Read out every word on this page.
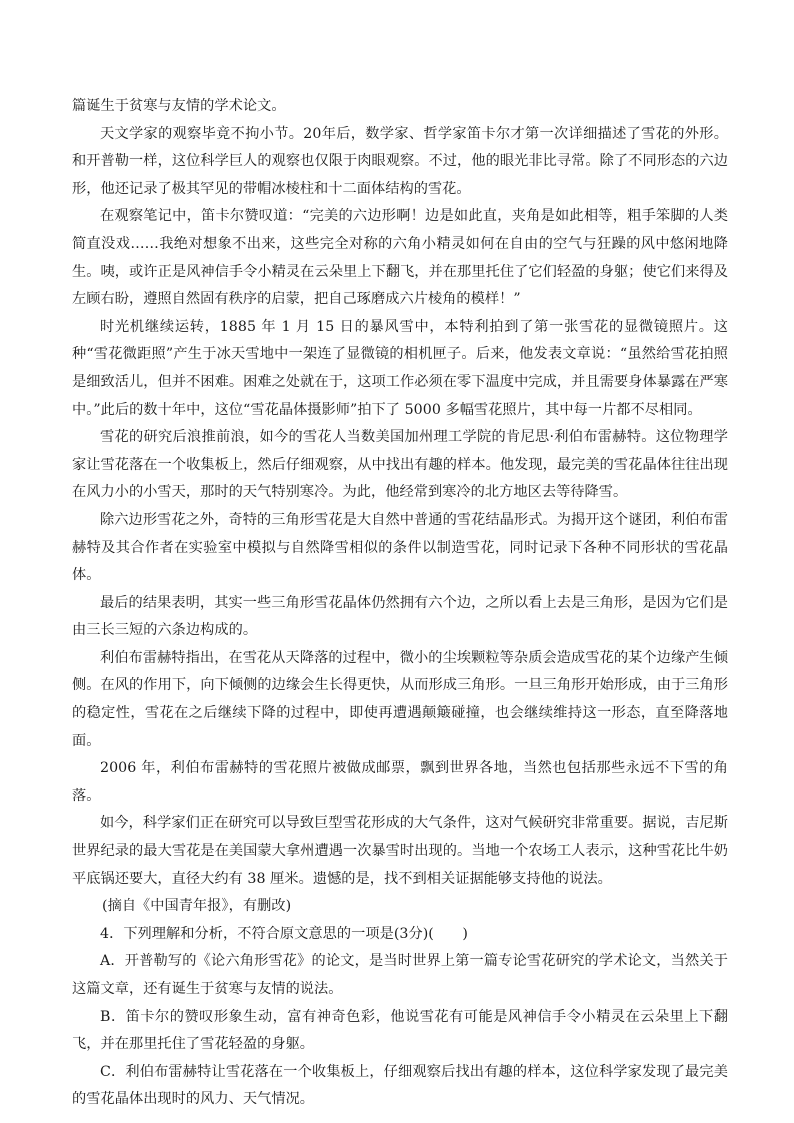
篇诞生于贫寒与友情的学术论文。

天文学家的观察毕竟不拘小节。20年后，数学家、哲学家笛卡尔才第一次详细描述了雪花的外形。和开普勒一样，这位科学巨人的观察也仅限于肉眼观察。不过，他的眼光非比寻常。除了不同形态的六边形，他还记录了极其罕见的带帽冰棱柱和十二面体结构的雪花。

在观察笔记中，笛卡尔赞叹道：“完美的六边形啊！边是如此直，夹角是如此相等，粗手笨脚的人类简直没戏……我绝对想象不出来，这些完全对称的六角小精灵如何在自由的空气与狂躁的风中悠闲地降生。咦，或许正是风神信手令小精灵在云朵里上下翻飞，并在那里托住了它们轻盈的身躯；使它们来得及左顾右盼，遵照自然固有秩序的启蒙，把自己琢磨成六片棱角的模样！”

时光机继续运转，1885 年 1 月 15 日的暴风雪中，本特利拍到了第一张雪花的显微镜照片。这种“雪花微距照”产生于冰天雪地中一架连了显微镜的相机匣子。后来，他发表文章说：“虽然给雪花拍照是细致活儿，但并不困难。困难之处就在于，这项工作必须在零下温度中完成，并且需要身体暴露在严寒中。”此后的数十年中，这位“雪花晶体摄影师”拍下了 5000 多幅雪花照片，其中每一片都不尽相同。

雪花的研究后浪推前浪，如今的雪花人当数美国加州理工学院的肯尼思·利伯布雷赫特。这位物理学家让雪花落在一个收集板上，然后仔细观察，从中找出有趣的样本。他发现，最完美的雪花晶体往往出现在风力小的小雪天，那时的天气特别寒冷。为此，他经常到寒冷的北方地区去等待降雪。

除六边形雪花之外，奇特的三角形雪花是大自然中普通的雪花结晶形式。为揭开这个谜团，利伯布雷赫特及其合作者在实验室中模拟与自然降雪相似的条件以制造雪花，同时记录下各种不同形状的雪花晶体。

最后的结果表明，其实一些三角形雪花晶体仍然拥有六个边，之所以看上去是三角形，是因为它们是由三长三短的六条边构成的。

利伯布雷赫特指出，在雪花从天降落的过程中，微小的尘埃颗粒等杂质会造成雪花的某个边缘产生倾侧。在风的作用下，向下倾侧的边缘会生长得更快，从而形成三角形。一旦三角形开始形成，由于三角形的稳定性，雪花在之后继续下降的过程中，即使再遭遇颠簸碰撞，也会继续维持这一形态，直至降落地面。

2006 年，利伯布雷赫特的雪花照片被做成邮票，飘到世界各地，当然也包括那些永远不下雪的角落。

如今，科学家们正在研究可以导致巨型雪花形成的大气条件，这对气候研究非常重要。据说，吉尼斯世界纪录的最大雪花是在美国蒙大拿州遭遇一次暴雪时出现的。当地一个农场工人表示，这种雪花比牛奶平底锅还要大，直径大约有 38 厘米。遗憾的是，找不到相关证据能够支持他的说法。

(摘自《中国青年报》，有删改)

4．下列理解和分析，不符合原文意思的一项是(3分)(　　)

A．开普勒写的《论六角形雪花》的论文，是当时世界上第一篇专论雪花研究的学术论文，当然关于这篇文章，还有诞生于贫寒与友情的说法。

B．笛卡尔的赞叹形象生动，富有神奇色彩，他说雪花有可能是风神信手令小精灵在云朵里上下翻飞，并在那里托住了雪花轻盈的身躯。

C．利伯布雷赫特让雪花落在一个收集板上，仔细观察后找出有趣的样本，这位科学家发现了最完美的雪花晶体出现时的风力、天气情况。
